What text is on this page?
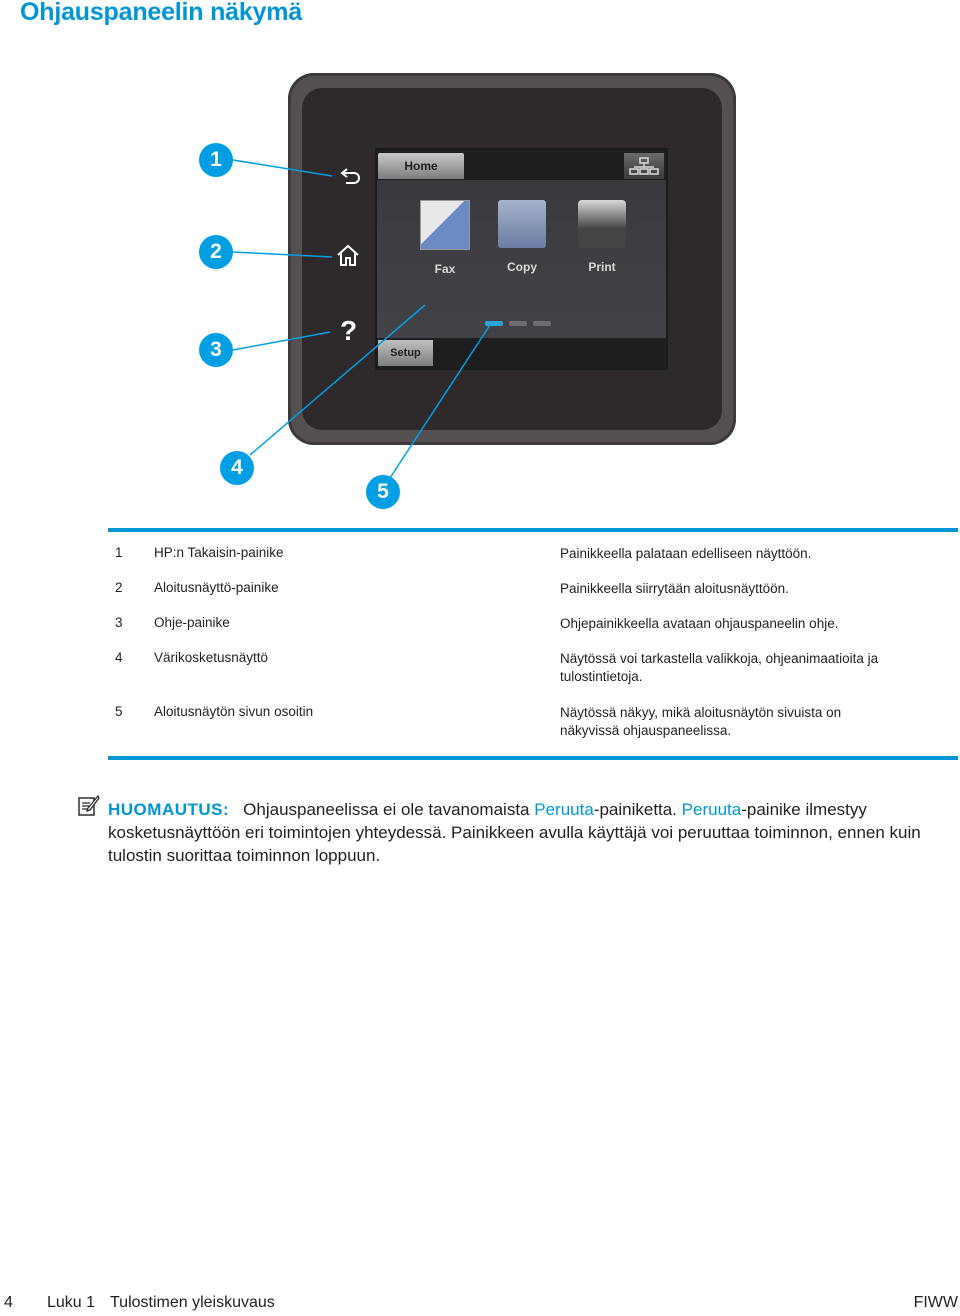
Ohjauspaneelin näkymä
Home
Fax	Copy	Print
Setup
?
1
2
3
4
5
1	HP:n Takaisin-painike	Painikkeella palataan edelliseen näyttöön.
2	Aloitusnäyttö-painike	Painikkeella siirrytään aloitusnäyttöön.
3	Ohje-painike	Ohjepainikkeella avataan ohjauspaneelin ohje.
4	Värikosketusnäyttö	Näytössä voi tarkastella valikkoja, ohjeanimaatioita ja tulostintietoja.
5	Aloitusnäytön sivun osoitin	Näytössä näkyy, mikä aloitusnäytön sivuista on näkyvissä ohjauspaneelissa.
HUOMAUTUS: Ohjauspaneelissa ei ole tavanomaista Peruuta-painiketta. Peruuta-painike ilmestyy kosketusnäyttöön eri toimintojen yhteydessä. Painikkeen avulla käyttäjä voi peruuttaa toiminnon, ennen kuin tulostin suorittaa toiminnon loppuun.
4 Luku 1 Tulostimen yleiskuvaus	FIWW
